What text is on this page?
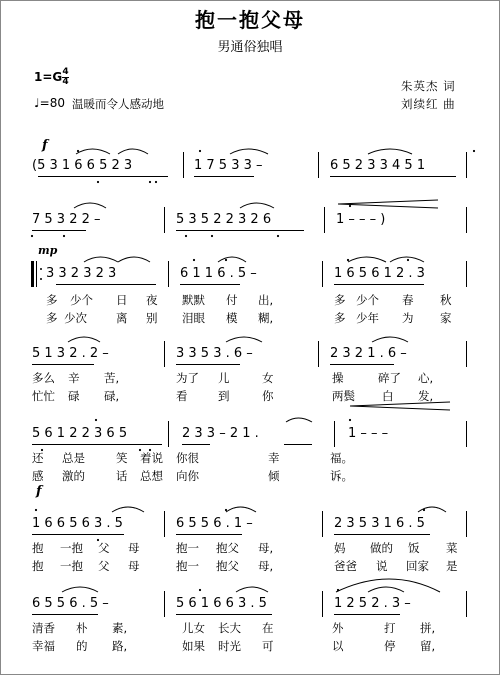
抱一抱父母
男通俗独唱
1=G 4
4
♩=80 温暖而令人感动地
朱英杰 词
刘续红 曲
f
mp
f
(5 3 1 6 6 5 2 3	1 7 5 3 3 –	6 5 2 3 3 4 5 1
7 5 3 2 2 –	5 3 5 2 2 3 2 6	1 – – – )
3 3 2 3 2 3	6 1 1 6 . 5 –	1 6 5 6 1 2 . 3
5 1 3 2 . 2 –	3 3 5 3 . 6 –	2 3 2 1 . 6 –
5 6 1 2 2 3 6 5	2 3 3 – 2 1 .	1 – – –
1 6 6 5 6 3 . 5	6 5 5 6 . 1 –	2 3 5 3 1 6 . 5
6 5 5 6 . 5 –	5 6 1 6 6 3 . 5	1 2 5 2 . 3 –
多 少个 日 夜 默默 付 出,	多 少个 春 秋
多 少次	离 别 泪眼 模 糊,	多 少年 为 家
多么 辛 苦,	为了 儿	女	操	碎了 心,
忙忙 碌 碌,	看	到	你	两鬓 白 发,
还 总是	笑 着说 你很	幸	福。
感 激的	话 总想 向你	倾	诉。
抱 一抱 父 母	抱一 抱父 母,	妈 做的 饭 菜
抱 一抱 父 母	抱一 抱父 母,	爸爸 说 回家 是
清香 朴 素,	儿女 长大 在	外	打 拼,
幸福 的 路,	如果 时光 可	以	停 留,
